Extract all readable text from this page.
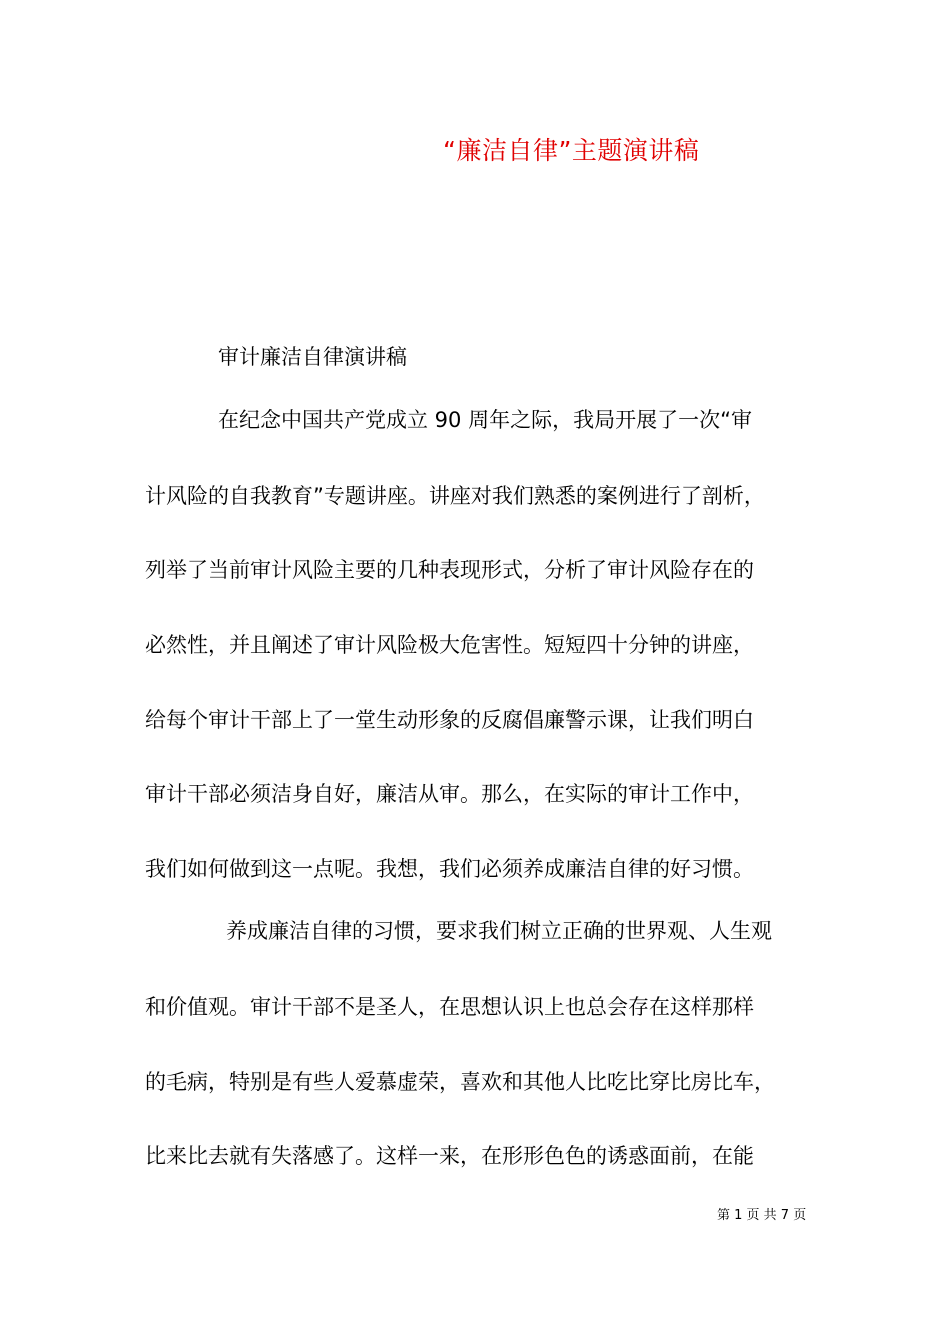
“廉洁自律”主题演讲稿
审计廉洁自律演讲稿
在纪念中国共产党成立 90 周年之际，我局开展了一次“审
计风险的自我教育”专题讲座。讲座对我们熟悉的案例进行了剖析，
列举了当前审计风险主要的几种表现形式，分析了审计风险存在的
必然性，并且阐述了审计风险极大危害性。短短四十分钟的讲座，
给每个审计干部上了一堂生动形象的反腐倡廉警示课，让我们明白
审计干部必须洁身自好，廉洁从审。那么，在实际的审计工作中，
我们如何做到这一点呢。我想，我们必须养成廉洁自律的好习惯。
养成廉洁自律的习惯，要求我们树立正确的世界观、人生观
和价值观。审计干部不是圣人，在思想认识上也总会存在这样那样
的毛病，特别是有些人爱慕虚荣，喜欢和其他人比吃比穿比房比车，
比来比去就有失落感了。这样一来，在形形色色的诱惑面前，在能
第 1 页 共 7 页
